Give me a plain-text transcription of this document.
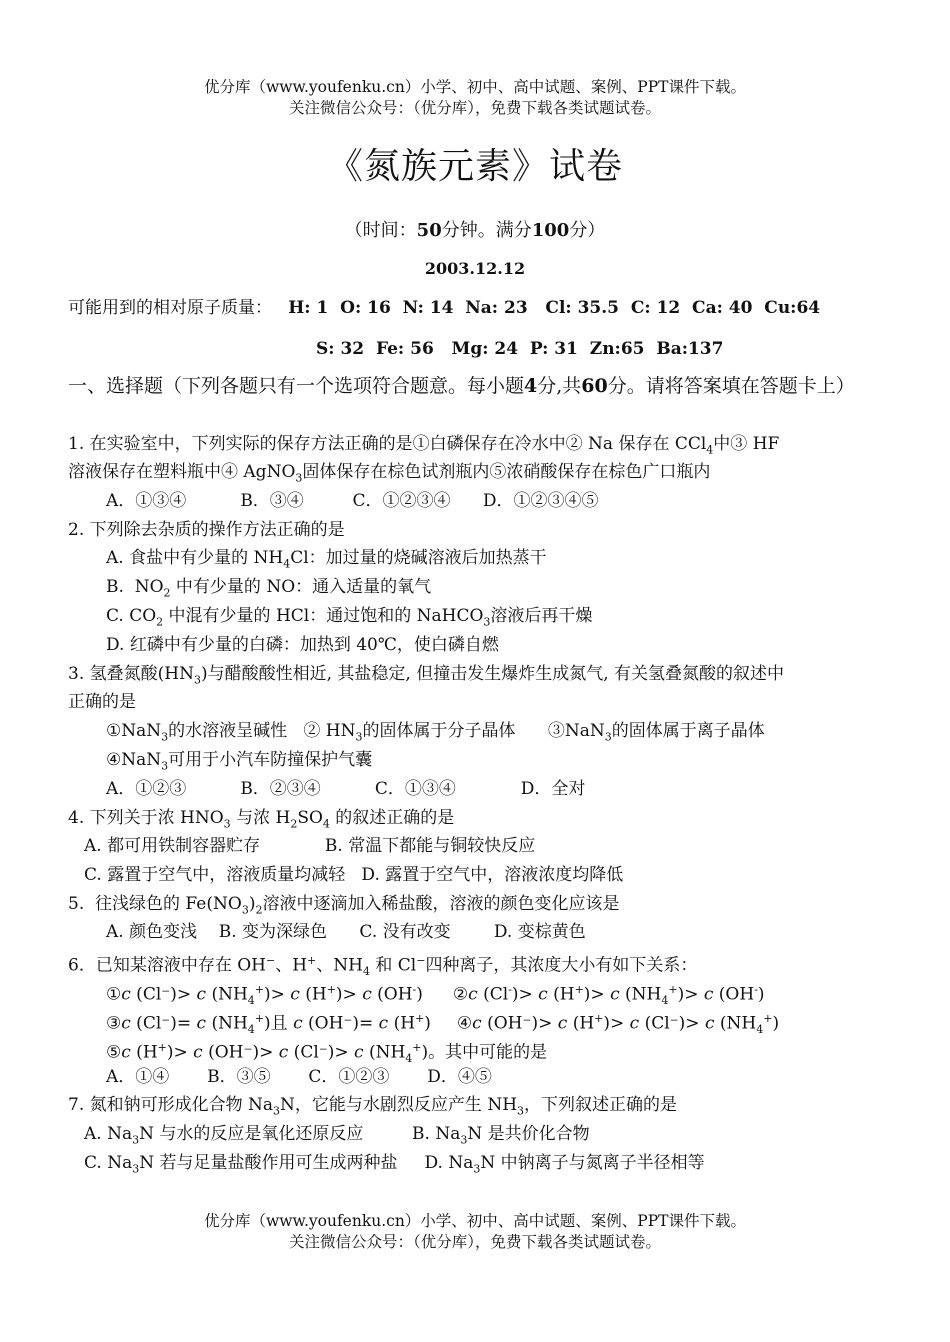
优分库（www.youfenku.cn）小学、初中、高中试题、案例、PPT课件下载。
关注微信公众号：（优分库），免费下载各类试题试卷。
《氮族元素》试卷
（时间：50分钟。满分100分）
2003.12.12
可能用到的相对原子质量： H: 1  O: 16  N: 14  Na: 23   Cl: 35.5  C: 12  Ca: 40  Cu:64
S: 32  Fe: 56   Mg: 24  P: 31  Zn:65  Ba:137
一、选择题（下列各题只有一个选项符合题意。每小题4分,共60分。请将答案填在答题卡上）
1. 在实验室中，下列实际的保存方法正确的是①白磷保存在冷水中② Na 保存在 CCl$_4$中③ HF
溶液保存在塑料瓶中④ AgNO$_3$固体保存在棕色试剂瓶内⑤浓硝酸保存在棕色广口瓶内
A．①③④          B．③④         C．①②③④      D．①②③④⑤
2. 下列除去杂质的操作方法正确的是
A. 食盐中有少量的 $NH_4Cl$：加过量的烧碱溶液后加热蒸干
B.  $NO_2$ 中有少量的 NO：通入适量的氧气
C. $CO_2$ 中混有少量的 HCl：通过饱和的 NaHCO$_3$溶液后再干燥
D. 红磷中有少量的白磷：加热到 40℃，使白磷自燃
3. 氢叠氮酸$(HN_3)$与醋酸酸性相近, 其盐稳定, 但撞击发生爆炸生成氮气, 有关氢叠氮酸的叙述中
正确的是
①NaN$_3$的水溶液呈碱性   ② $HN_3$的固体属于分子晶体      ③NaN$_3$的固体属于离子晶体
④NaN$_3$可用于小汽车防撞保护气囊
A．①②③          B．②③④          C．①③④            D．全对
4. 下列关于浓 $HNO_3$ 与浓 $H_2SO_4$ 的叙述正确的是
A. 都可用铁制容器贮存            B. 常温下都能与铜较快反应
C. 露置于空气中，溶液质量均减轻   D. 露置于空气中，溶液浓度均降低
5.  往浅绿色的 $Fe(NO_3)_2$溶液中逐滴加入稀盐酸，溶液的颜色变化应该是
A. 颜色变浅    B. 变为深绿色      C. 没有改变        D. 变棕黄色
6．已知某溶液中存在 OH−、H+、$NH_4$ 和 Cl−四种离子，其浓度大小有如下关系：
①c (Cl⁻)> c $(NH_4^+)> c$ (H+)> c (OH-) ②c (Cl-)> c (H+)> c $(NH_4^+)> c$ (OH-)
③c (Cl⁻)= c $(NH_4^+)$且 c (OH⁻)= c (H+) ④c (OH⁻)> c (H+)> c (Cl⁻)> c $(NH_4^+)$
⑤c (H+)> c (OH⁻)> c (Cl⁻)> c $(NH_4^+)$。其中可能的是
A．①④       B．③⑤       C．①②③       D．④⑤
7. 氮和钠可形成化合物 $Na_3N$，它能与水剧烈反应产生 $NH_3$，下列叙述正确的是
A. $Na_3N$ 与水的反应是氧化还原反应         B. $Na_3N$ 是共价化合物
C. $Na_3N$ 若与足量盐酸作用可生成两种盐     D. $Na_3N$ 中钠离子与氮离子半径相等
优分库（www.youfenku.cn）小学、初中、高中试题、案例、PPT课件下载。
关注微信公众号：（优分库），免费下载各类试题试卷。
